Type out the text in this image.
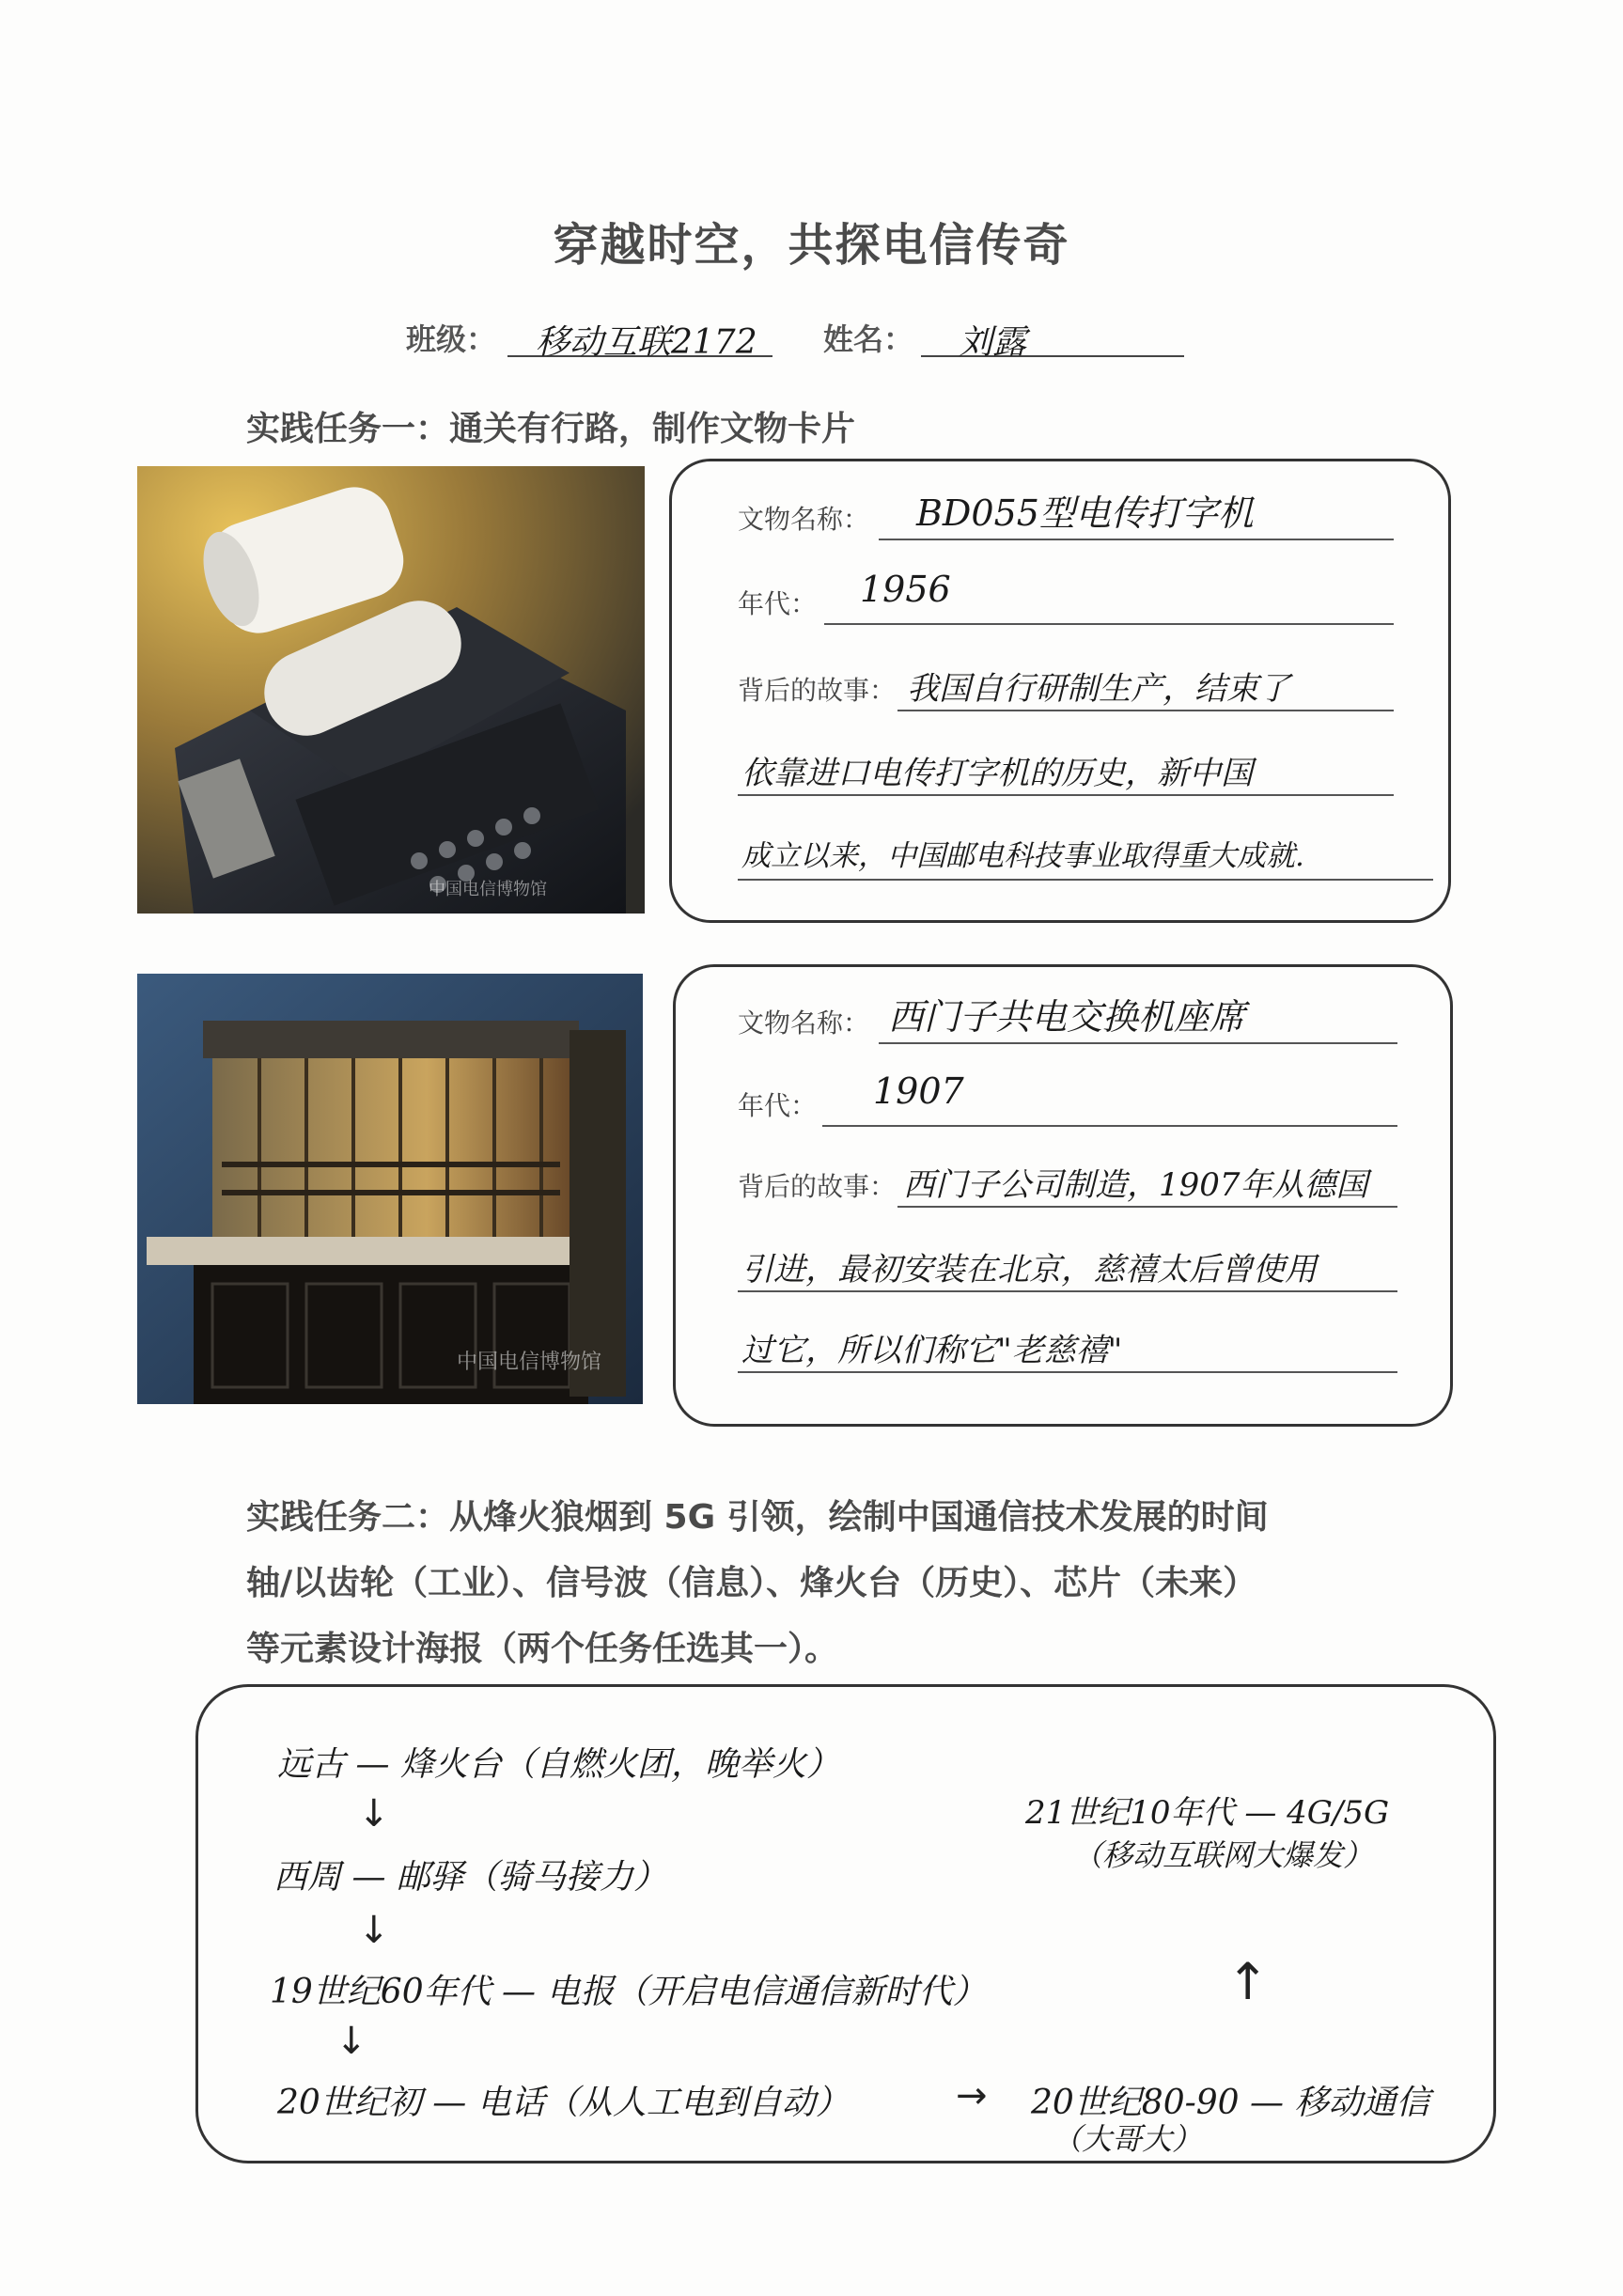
穿越时空，共探电信传奇
班级： 移动互联2172 姓名： 刘露
实践任务一：通关有行路，制作文物卡片
中国电信博物馆
文物名称： BD055型电传打字机
年代： 1956
背后的故事： 我国自行研制生产，结束了
依靠进口电传打字机的历史，新中国
成立以来，中国邮电科技事业取得重大成就.
中国电信博物馆
文物名称： 西门子共电交换机座席
年代： 1907
背后的故事： 西门子公司制造，1907年从德国
引进，最初安装在北京，慈禧太后曾使用
过它，所以们称它"老慈禧"
实践任务二：从烽火狼烟到 5G 引领，绘制中国通信技术发展的时间
轴/以齿轮（工业）、信号波（信息）、烽火台（历史）、芯片（未来）
等元素设计海报（两个任务任选其一）。
远古 — 烽火台（自燃火团，晚举火）
↓
西周 — 邮驿（骑马接力）
↓
19世纪60年代 — 电报（开启电信通信新时代）
↓
20世纪初 — 电话（从人工电到自动）	→ 20世纪80-90 — 移动通信
（大哥大）
↑
21世纪10年代 — 4G/5G
（移动互联网大爆发）
